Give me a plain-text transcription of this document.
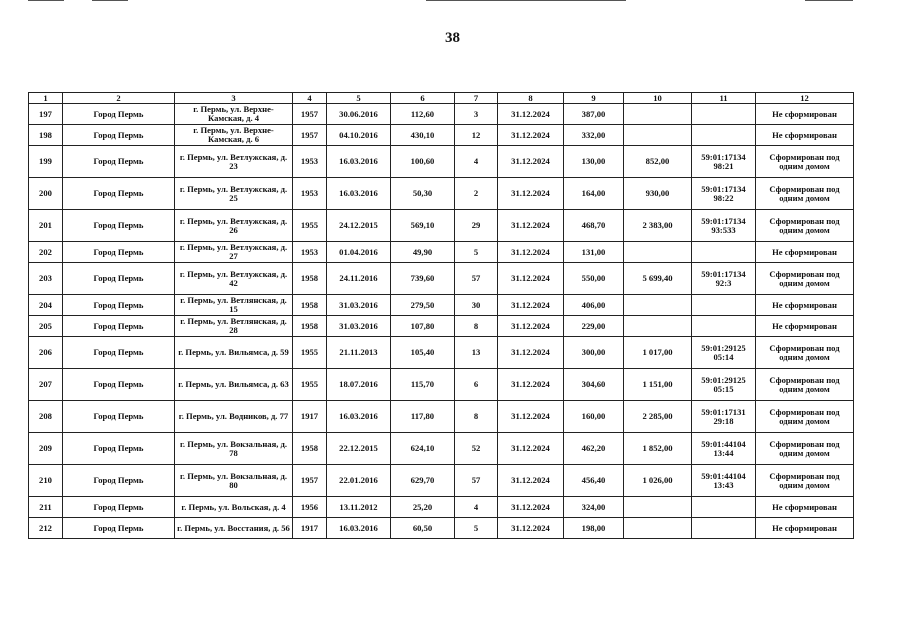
38
1	2	3	4	5	6	7	8	9	10	11	12
197	Город Пермь	г. Пермь, ул. Верхне-Камская, д. 4	1957	30.06.2016	112,60	3	31.12.2024	387,00			Не сформирован
198	Город Пермь	г. Пермь, ул. Верхне-Камская, д. 6	1957	04.10.2016	430,10	12	31.12.2024	332,00			Не сформирован
199	Город Пермь	г. Пермь, ул. Ветлужская, д. 23	1953	16.03.2016	100,60	4	31.12.2024	130,00	852,00	59:01:17134 98:21	Сформирован под одним домом
200	Город Пермь	г. Пермь, ул. Ветлужская, д. 25	1953	16.03.2016	50,30	2	31.12.2024	164,00	930,00	59:01:17134 98:22	Сформирован под одним домом
201	Город Пермь	г. Пермь, ул. Ветлужская, д. 26	1955	24.12.2015	569,10	29	31.12.2024	468,70	2 383,00	59:01:17134 93:533	Сформирован под одним домом
202	Город Пермь	г. Пермь, ул. Ветлужская, д. 27	1953	01.04.2016	49,90	5	31.12.2024	131,00			Не сформирован
203	Город Пермь	г. Пермь, ул. Ветлужская, д. 42	1958	24.11.2016	739,60	57	31.12.2024	550,00	5 699,40	59:01:17134 92:3	Сформирован под одним домом
204	Город Пермь	г. Пермь, ул. Ветлянская, д. 15	1958	31.03.2016	279,50	30	31.12.2024	406,00			Не сформирован
205	Город Пермь	г. Пермь, ул. Ветлянская, д. 28	1958	31.03.2016	107,80	8	31.12.2024	229,00			Не сформирован
206	Город Пермь	г. Пермь, ул. Вильямса, д. 59	1955	21.11.2013	105,40	13	31.12.2024	300,00	1 017,00	59:01:29125 05:14	Сформирован под одним домом
207	Город Пермь	г. Пермь, ул. Вильямса, д. 63	1955	18.07.2016	115,70	6	31.12.2024	304,60	1 151,00	59:01:29125 05:15	Сформирован под одним домом
208	Город Пермь	г. Пермь, ул. Водников, д. 77	1917	16.03.2016	117,80	8	31.12.2024	160,00	2 285,00	59:01:17131 29:18	Сформирован под одним домом
209	Город Пермь	г. Пермь, ул. Вокзальная, д. 78	1958	22.12.2015	624,10	52	31.12.2024	462,20	1 852,00	59:01:44104 13:44	Сформирован под одним домом
210	Город Пермь	г. Пермь, ул. Вокзальная, д. 80	1957	22.01.2016	629,70	57	31.12.2024	456,40	1 026,00	59:01:44104 13:43	Сформирован под одним домом
211	Город Пермь	г. Пермь, ул. Вольская, д. 4	1956	13.11.2012	25,20	4	31.12.2024	324,00			Не сформирован
212	Город Пермь	г. Пермь, ул. Восстания, д. 56	1917	16.03.2016	60,50	5	31.12.2024	198,00			Не сформирован
